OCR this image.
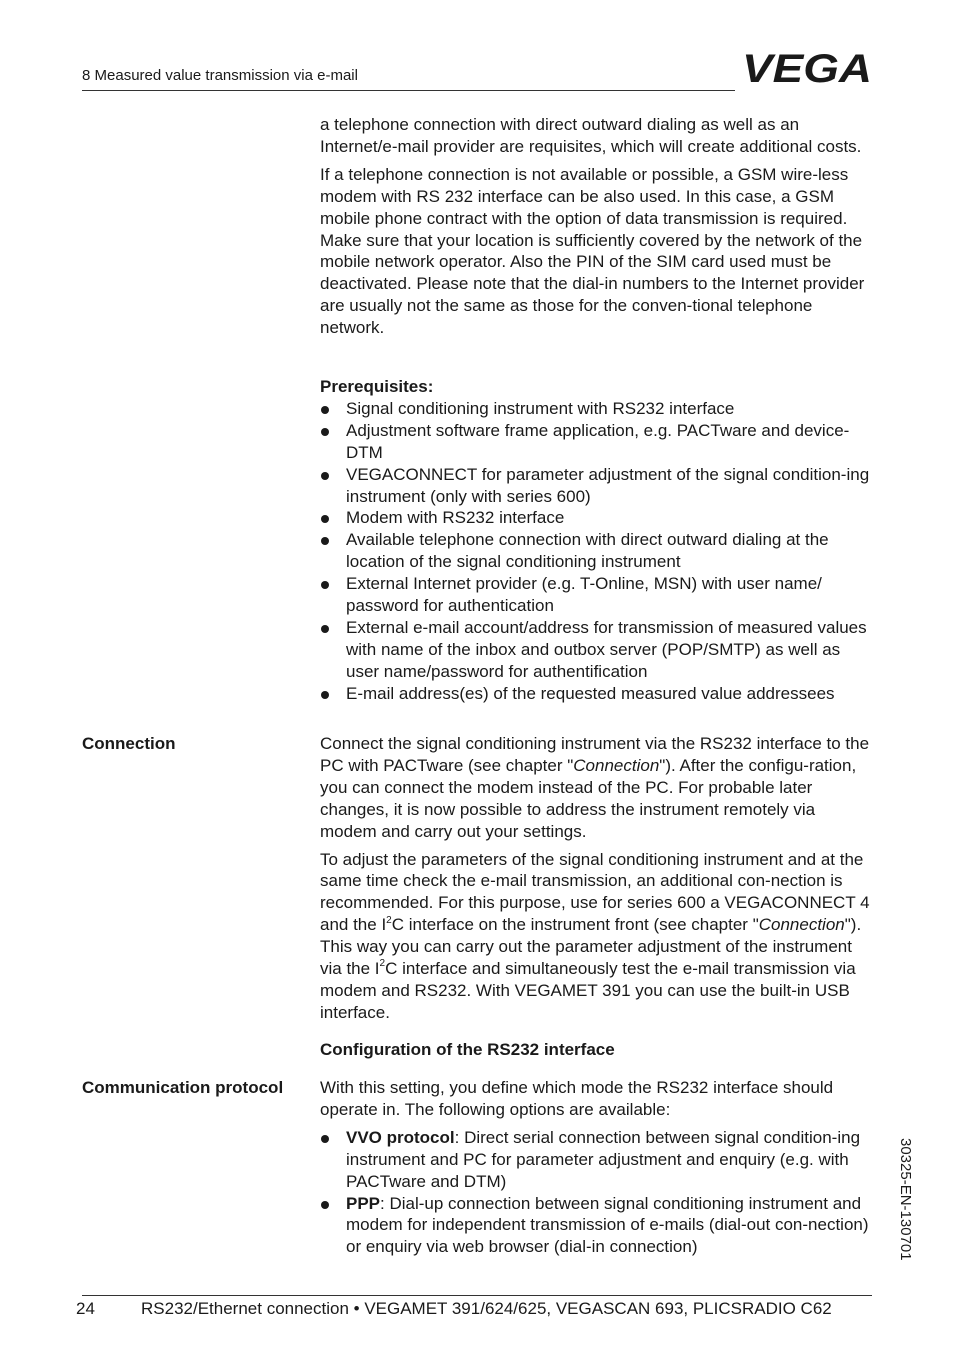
8 Measured value transmission via e-mail	VEGA

a telephone connection with direct outward dialing as well as an Internet/e-mail provider are requisites, which will create additional costs.

If a telephone connection is not available or possible, a GSM wire-less modem with RS 232 interface can be also used. In this case, a GSM mobile phone contract with the option of data transmission is required. Make sure that your location is sufficiently covered by the network of the mobile network operator. Also the PIN of the SIM card used must be deactivated. Please note that the dial-in numbers to the Internet provider are usually not the same as those for the conven-tional telephone network.

Prerequisites:

Signal conditioning instrument with RS232 interface
Adjustment software frame application, e.g. PACTware and device-DTM
VEGACONNECT for parameter adjustment of the signal condition-ing instrument (only with series 600)
Modem with RS232 interface
Available telephone connection with direct outward dialing at the location of the signal conditioning instrument
External Internet provider (e.g. T-Online, MSN) with user name/ password for authentication
External e-mail account/address for transmission of measured values with name of the inbox and outbox server (POP/SMTP) as well as user name/password for authentification
E-mail address(es) of the requested measured value addressees
Connection	Connect the signal conditioning instrument via the RS232 interface to the PC with PACTware (see chapter "Connection"). After the configu-ration, you can connect the modem instead of the PC. For probable later changes, it is now possible to address the instrument remotely via modem and carry out your settings.

To adjust the parameters of the signal conditioning instrument and at the same time check the e-mail transmission, an additional con-nection is recommended. For this purpose, use for series 600 a VEGACONNECT 4 and the $I^2C$ interface on the instrument front (see chapter "Connection"). This way you can carry out the parameter adjustment of the instrument via the $I^2C$ interface and simultaneously test the e-mail transmission via modem and RS232. With VEGAMET 391 you can use the built-in USB interface.

Configuration of the RS232 interface
Communication protocol With this setting, you define which mode the RS232 interface should operate in. The following options are available:

VVO protocol: Direct serial connection between signal condition-ing instrument and PC for parameter adjustment and enquiry (e.g. with PACTware and DTM)
PPP: Dial-up connection between signal conditioning instrument and modem for independent transmission of e-mails (dial-out con-nection) or enquiry via web browser (dial-in connection)	30325-EN-130701
24	RS232/Ethernet connection • VEGAMET 391/624/625, VEGASCAN 693, PLICSRADIO C62
